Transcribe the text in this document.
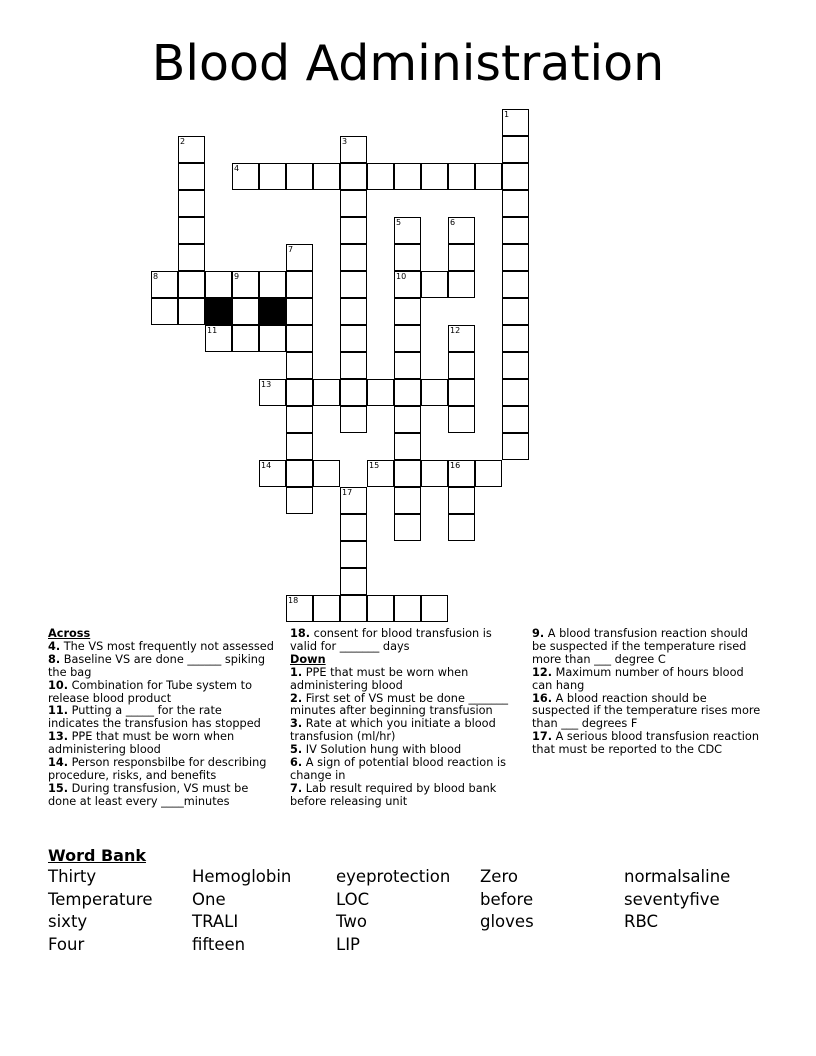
Blood Administration
1
2	3
4
5
10
6
7
8	9
11	12
13
14	15	16
17
18

Across

4. The VS most frequently not assessed

8. Baseline VS are done ______ spiking the bag

10. Combination for Tube system to release blood product

11. Putting a _____ for the rate indicates the transfusion has stopped

13. PPE that must be worn when administering blood

14. Person responsbilbe for describing procedure, risks, and benefits

15. During transfusion, VS must be done at least every ____minutes

18. consent for blood transfusion is valid for _______ days

Down

1. PPE that must be worn when administering blood

2. First set of VS must be done _______ minutes after beginning transfusion

3. Rate at which you initiate a blood transfusion (ml/hr)

5. IV Solution hung with blood

6. A sign of potential blood reaction is change in

7. Lab result required by blood bank before releasing unit

9. A blood transfusion reaction should be suspected if the temperature rised more than ___ degree C

12. Maximum number of hours blood can hang

16. A blood reaction should be suspected if the temperature rises more than ___ degrees F

17. A serious blood transfusion reaction that must be reported to the CDC

Word Bank

Thirty
Temperature
sixty
Four
Hemoglobin
One
TRALI
fifteen
eyeprotection
LOC
Two
LIP
Zero
before
gloves
normalsaline
seventyfive
RBC
